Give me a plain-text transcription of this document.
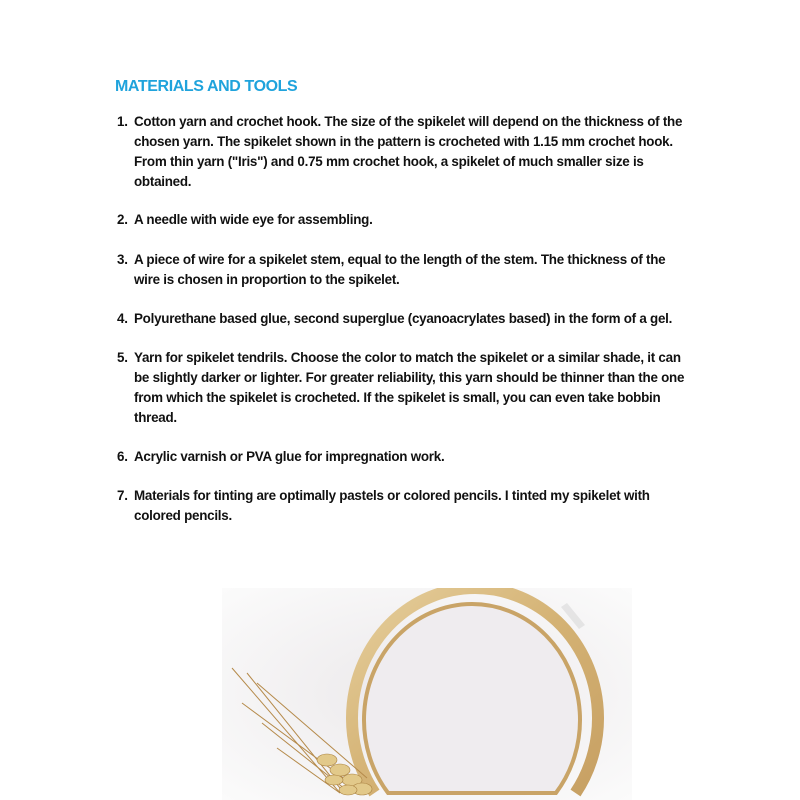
MATERIALS AND TOOLS
1. Cotton yarn and crochet hook. The size of the spikelet will depend on the thickness of the
chosen yarn. The spikelet shown in the pattern is crocheted with 1.15 mm crochet hook.
From thin yarn ("Iris") and 0.75 mm crochet hook, a spikelet of much smaller size is
obtained.
2. A needle with wide eye for assembling.
3. A piece of wire for a spikelet stem, equal to the length of the stem. The thickness of the
wire is chosen in proportion to the spikelet.
4. Polyurethane based glue, second superglue (cyanoacrylates based) in the form of a gel.
5. Yarn for spikelet tendrils. Choose the color to match the spikelet or a similar shade, it can
be slightly darker or lighter. For greater reliability, this yarn should be thinner than the one
from which the spikelet is crocheted. If the spikelet is small, you can even take bobbin
thread.
6. Acrylic varnish or PVA glue for impregnation work.
7. Materials for tinting are optimally pastels or colored pencils. I tinted my spikelet with
colored pencils.
